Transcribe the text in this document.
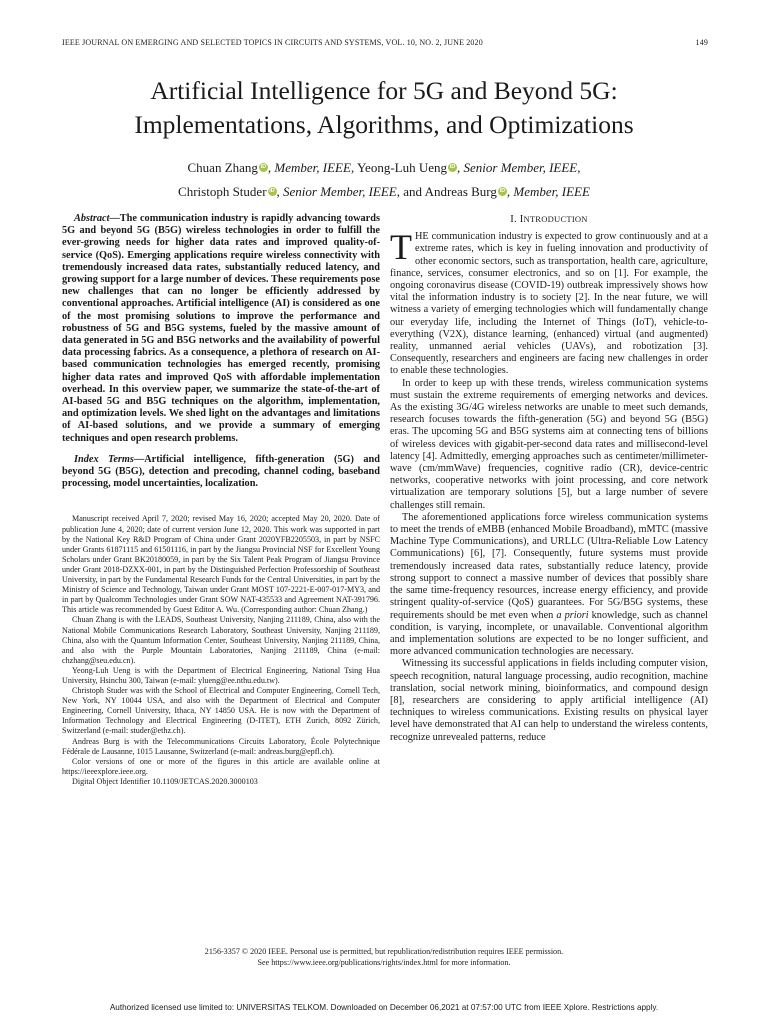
IEEE JOURNAL ON EMERGING AND SELECTED TOPICS IN CIRCUITS AND SYSTEMS, VOL. 10, NO. 2, JUNE 2020	149
Artificial Intelligence for 5G and Beyond 5G:
Implementations, Algorithms, and Optimizations
Chuan Zhang iD , Member, IEEE, Yeong-Luh Ueng iD , Senior Member, IEEE,
Christoph Studer iD , Senior Member, IEEE, and Andreas Burg iD , Member, IEEE

Abstract—The communication industry is rapidly advancing towards 5G and beyond 5G (B5G) wireless technologies in order to fulfill the ever-growing needs for higher data rates and improved quality-of-service (QoS). Emerging applications require wireless connectivity with tremendously increased data rates, substantially reduced latency, and growing support for a large number of devices. These requirements pose new challenges that can no longer be efficiently addressed by conventional approaches. Artificial intelligence (AI) is considered as one of the most promising solutions to improve the performance and robustness of 5G and B5G systems, fueled by the massive amount of data generated in 5G and B5G networks and the availability of powerful data processing fabrics. As a consequence, a plethora of research on AI-based communication technologies has emerged recently, promising higher data rates and improved QoS with affordable implementation overhead. In this overview paper, we summarize the state-of-the-art of AI-based 5G and B5G techniques on the algorithm, implementation, and optimization levels. We shed light on the advantages and limitations of AI-based solutions, and we provide a summary of emerging techniques and open research problems.

Index Terms—Artificial intelligence, fifth-generation (5G) and beyond 5G (B5G), detection and precoding, channel coding, baseband processing, model uncertainties, localization.

Manuscript received April 7, 2020; revised May 16, 2020; accepted May 20, 2020. Date of publication June 4, 2020; date of current version June 12, 2020. This work was supported in part by the National Key R&D Program of China under Grant 2020YFB2205503, in part by NSFC under Grants 61871115 and 61501116, in part by the Jiangsu Provincial NSF for Excellent Young Scholars under Grant BK20180059, in part by the Six Talent Peak Program of Jiangsu Province under Grant 2018-DZXX-001, in part by the Distinguished Perfection Professorship of Southeast University, in part by the Fundamental Research Funds for the Central Universities, in part by the Ministry of Science and Technology, Taiwan under Grant MOST 107-2221-E-007-017-MY3, and in part by Qualcomm Technologies under Grant SOW NAT-435533 and Agreement NAT-391796. This article was recommended by Guest Editor A. Wu. (Corresponding author: Chuan Zhang.)

Chuan Zhang is with the LEADS, Southeast University, Nanjing 211189, China, also with the National Mobile Communications Research Laboratory, Southeast University, Nanjing 211189, China, also with the Quantum Information Center, Southeast University, Nanjing 211189, China, and also with the Purple Mountain Laboratories, Nanjing 211189, China (e-mail: chzhang@seu.edu.cn).

Yeong-Luh Ueng is with the Department of Electrical Engineering, National Tsing Hua University, Hsinchu 300, Taiwan (e-mail: ylueng@ee.nthu.edu.tw).

Christoph Studer was with the School of Electrical and Computer Engineering, Cornell Tech, New York, NY 10044 USA, and also with the Department of Electrical and Computer Engineering, Cornell University, Ithaca, NY 14850 USA. He is now with the Department of Information Technology and Electrical Engineering (D-ITET), ETH Zurich, 8092 Zürich, Switzerland (e-mail: studer@ethz.ch).

Andreas Burg is with the Telecommunications Circuits Laboratory, École Polytechnique Fédérale de Lausanne, 1015 Lausanne, Switzerland (e-mail: andreas.burg@epfl.ch).

Color versions of one or more of the figures in this article are available online at https://ieeexplore.ieee.org.

Digital Object Identifier 10.1109/JETCAS.2020.3000103

I. INTRODUCTION

THE communication industry is expected to grow continuously and at a extreme rates, which is key in fueling innovation and productivity of other economic sectors, such as transportation, health care, agriculture, finance, services, consumer electronics, and so on [1]. For example, the ongoing coronavirus disease (COVID-19) outbreak impressively shows how vital the information industry is to society [2]. In the near future, we will witness a variety of emerging technologies which will fundamentally change our everyday life, including the Internet of Things (IoT), vehicle-to-everything (V2X), distance learning, (enhanced) virtual (and augmented) reality, unmanned aerial vehicles (UAVs), and robotization [3]. Consequently, researchers and engineers are facing new challenges in order to enable these technologies.

In order to keep up with these trends, wireless communication systems must sustain the extreme requirements of emerging networks and devices. As the existing 3G/4G wireless networks are unable to meet such demands, research focuses towards the fifth-generation (5G) and beyond 5G (B5G) eras. The upcoming 5G and B5G systems aim at connecting tens of billions of wireless devices with gigabit-per-second data rates and millisecond-level latency [4]. Admittedly, emerging approaches such as centimeter/millimeter-wave (cm/mmWave) frequencies, cognitive radio (CR), device-centric networks, cooperative networks with joint processing, and core network virtualization are temporary solutions [5], but a large number of severe challenges still remain.

The aforementioned applications force wireless communication systems to meet the trends of eMBB (enhanced Mobile Broadband), mMTC (massive Machine Type Communications), and URLLC (Ultra-Reliable Low Latency Communications) [6], [7]. Consequently, future systems must provide tremendously increased data rates, substantially reduce latency, provide strong support to connect a massive number of devices that possibly share the same time-frequency resources, increase energy efficiency, and provide stringent quality-of-service (QoS) guarantees. For 5G/B5G systems, these requirements should be met even when a priori knowledge, such as channel condition, is varying, incomplete, or unavailable. Conventional algorithm and implementation solutions are expected to be no longer sufficient, and more advanced communication technologies are necessary.

Witnessing its successful applications in fields including computer vision, speech recognition, natural language processing, audio recognition, machine translation, social network mining, bioinformatics, and compound design [8], researchers are considering to apply artificial intelligence (AI) techniques to wireless communications. Existing results on physical layer level have demonstrated that AI can help to understand the wireless contents, recognize unrevealed patterns, reduce

2156-3357 © 2020 IEEE. Personal use is permitted, but republication/redistribution requires IEEE permission.
See https://www.ieee.org/publications/rights/index.html for more information.
Authorized licensed use limited to: UNIVERSITAS TELKOM. Downloaded on December 06,2021 at 07:57:00 UTC from IEEE Xplore. Restrictions apply.
